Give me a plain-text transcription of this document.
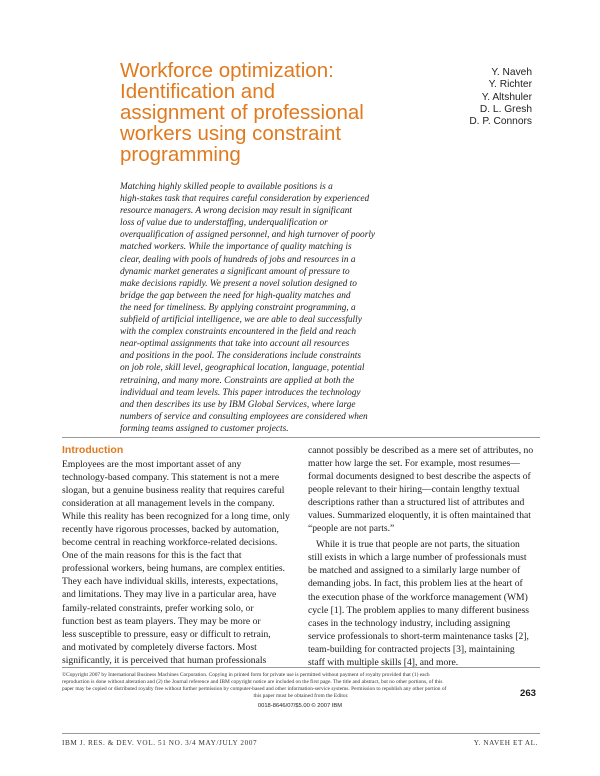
Workforce optimization:
Identification and
assignment of professional
workers using constraint
programming
Y. Naveh
Y. Richter
Y. Altshuler
D. L. Gresh
D. P. Connors
Matching highly skilled people to available positions is a
high-stakes task that requires careful consideration by experienced
resource managers. A wrong decision may result in significant
loss of value due to understaffing, underqualification or
overqualification of assigned personnel, and high turnover of poorly
matched workers. While the importance of quality matching is
clear, dealing with pools of hundreds of jobs and resources in a
dynamic market generates a significant amount of pressure to
make decisions rapidly. We present a novel solution designed to
bridge the gap between the need for high-quality matches and
the need for timeliness. By applying constraint programming, a
subfield of artificial intelligence, we are able to deal successfully
with the complex constraints encountered in the field and reach
near-optimal assignments that take into account all resources
and positions in the pool. The considerations include constraints
on job role, skill level, geographical location, language, potential
retraining, and many more. Constraints are applied at both the
individual and team levels. This paper introduces the technology
and then describes its use by IBM Global Services, where large
numbers of service and consulting employees are considered when
forming teams assigned to customer projects.
Introduction
Employees are the most important asset of any
technology-based company. This statement is not a mere
slogan, but a genuine business reality that requires careful
consideration at all management levels in the company.
While this reality has been recognized for a long time, only
recently have rigorous processes, backed by automation,
become central in reaching workforce-related decisions.
One of the main reasons for this is the fact that
professional workers, being humans, are complex entities.
They each have individual skills, interests, expectations,
and limitations. They may live in a particular area, have
family-related constraints, prefer working solo, or
function best as team players. They may be more or
less susceptible to pressure, easy or difficult to retrain,
and motivated by completely diverse factors. Most
significantly, it is perceived that human professionals
cannot possibly be described as a mere set of attributes, no
matter how large the set. For example, most resumes—
formal documents designed to best describe the aspects of
people relevant to their hiring—contain lengthy textual
descriptions rather than a structured list of attributes and
values. Summarized eloquently, it is often maintained that
“people are not parts.”
While it is true that people are not parts, the situation
still exists in which a large number of professionals must
be matched and assigned to a similarly large number of
demanding jobs. In fact, this problem lies at the heart of
the execution phase of the workforce management (WM)
cycle [1]. The problem applies to many different business
cases in the technology industry, including assigning
service professionals to short-term maintenance tasks [2],
team-building for contracted projects [3], maintaining
staff with multiple skills [4], and more.
©Copyright 2007 by International Business Machines Corporation. Copying in printed form for private use is permitted without payment of royalty provided that (1) each
reproduction is done without alteration and (2) the Journal reference and IBM copyright notice are included on the first page. The title and abstract, but no other portions, of this
paper may be copied or distributed royalty free without further permission by computer-based and other information-service systems. Permission to republish any other portion of
this paper must be obtained from the Editor.	263
0018-8646/07/$5.00 © 2007 IBM
IBM J. RES. & DEV. VOL. 51 NO. 3/4 MAY/JULY 2007	Y. NAVEH ET AL.
